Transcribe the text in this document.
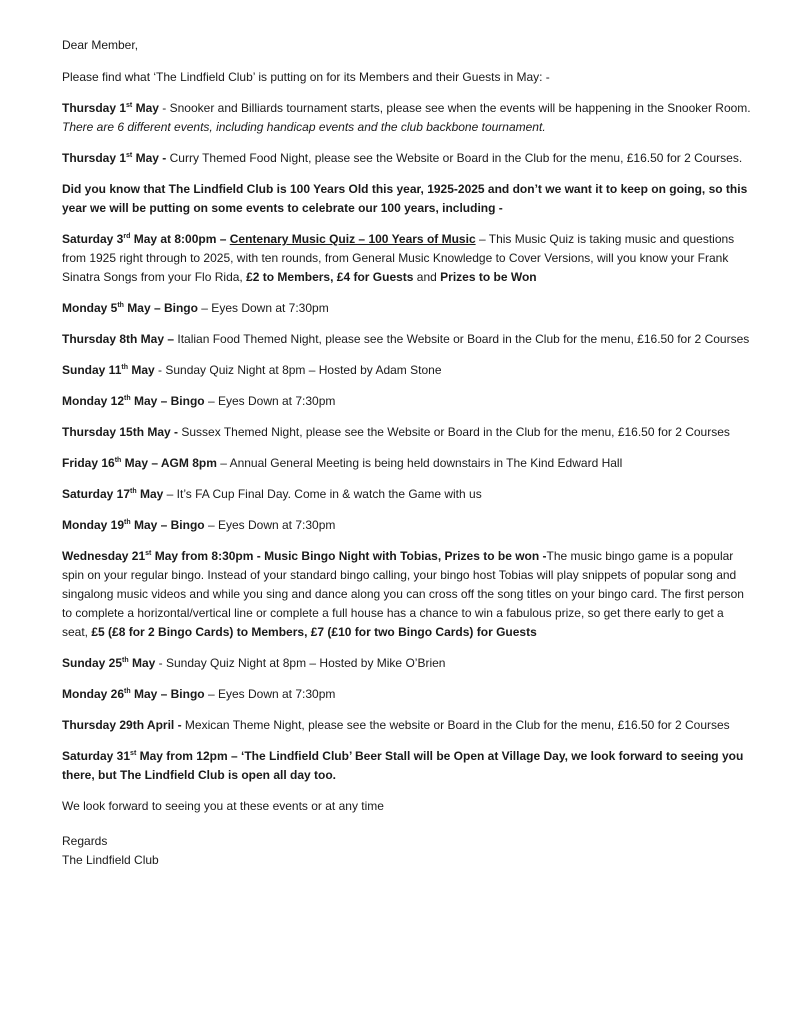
Dear Member,

Please find what ‘The Lindfield Club’ is putting on for its Members and their Guests in May: -

Thursday 1st May - Snooker and Billiards tournament starts, please see when the events will be happening in the Snooker Room. There are 6 different events, including handicap events and the club backbone tournament.

Thursday 1st May - Curry Themed Food Night, please see the Website or Board in the Club for the menu, £16.50 for 2 Courses.

Did you know that The Lindfield Club is 100 Years Old this year, 1925-2025 and don’t we want it to keep on going, so this year we will be putting on some events to celebrate our 100 years, including -

Saturday 3rd May at 8:00pm – Centenary Music Quiz – 100 Years of Music – This Music Quiz is taking music and questions from 1925 right through to 2025, with ten rounds, from General Music Knowledge to Cover Versions, will you know your Frank Sinatra Songs from your Flo Rida, £2 to Members, £4 for Guests and Prizes to be Won

Monday 5th May – Bingo – Eyes Down at 7:30pm

Thursday 8th May – Italian Food Themed Night, please see the Website or Board in the Club for the menu, £16.50 for 2 Courses

Sunday 11th May - Sunday Quiz Night at 8pm – Hosted by Adam Stone

Monday 12th May – Bingo – Eyes Down at 7:30pm

Thursday 15th May - Sussex Themed Night, please see the Website or Board in the Club for the menu, £16.50 for 2 Courses

Friday 16th May – AGM 8pm – Annual General Meeting is being held downstairs in The Kind Edward Hall

Saturday 17th May – It’s FA Cup Final Day. Come in & watch the Game with us

Monday 19th May – Bingo – Eyes Down at 7:30pm

Wednesday 21st May from 8:30pm - Music Bingo Night with Tobias, Prizes to be won -The music bingo game is a popular spin on your regular bingo. Instead of your standard bingo calling, your bingo host Tobias will play snippets of popular song and singalong music videos and while you sing and dance along you can cross off the song titles on your bingo card. The first person to complete a horizontal/vertical line or complete a full house has a chance to win a fabulous prize, so get there early to get a seat, £5 (£8 for 2 Bingo Cards) to Members, £7 (£10 for two Bingo Cards) for Guests

Sunday 25th May - Sunday Quiz Night at 8pm – Hosted by Mike O’Brien

Monday 26th May – Bingo – Eyes Down at 7:30pm

Thursday 29th April - Mexican Theme Night, please see the website or Board in the Club for the menu, £16.50 for 2 Courses

Saturday 31st May from 12pm – ‘The Lindfield Club’ Beer Stall will be Open at Village Day, we look forward to seeing you there, but The Lindfield Club is open all day too.

We look forward to seeing you at these events or at any time

Regards

The Lindfield Club
